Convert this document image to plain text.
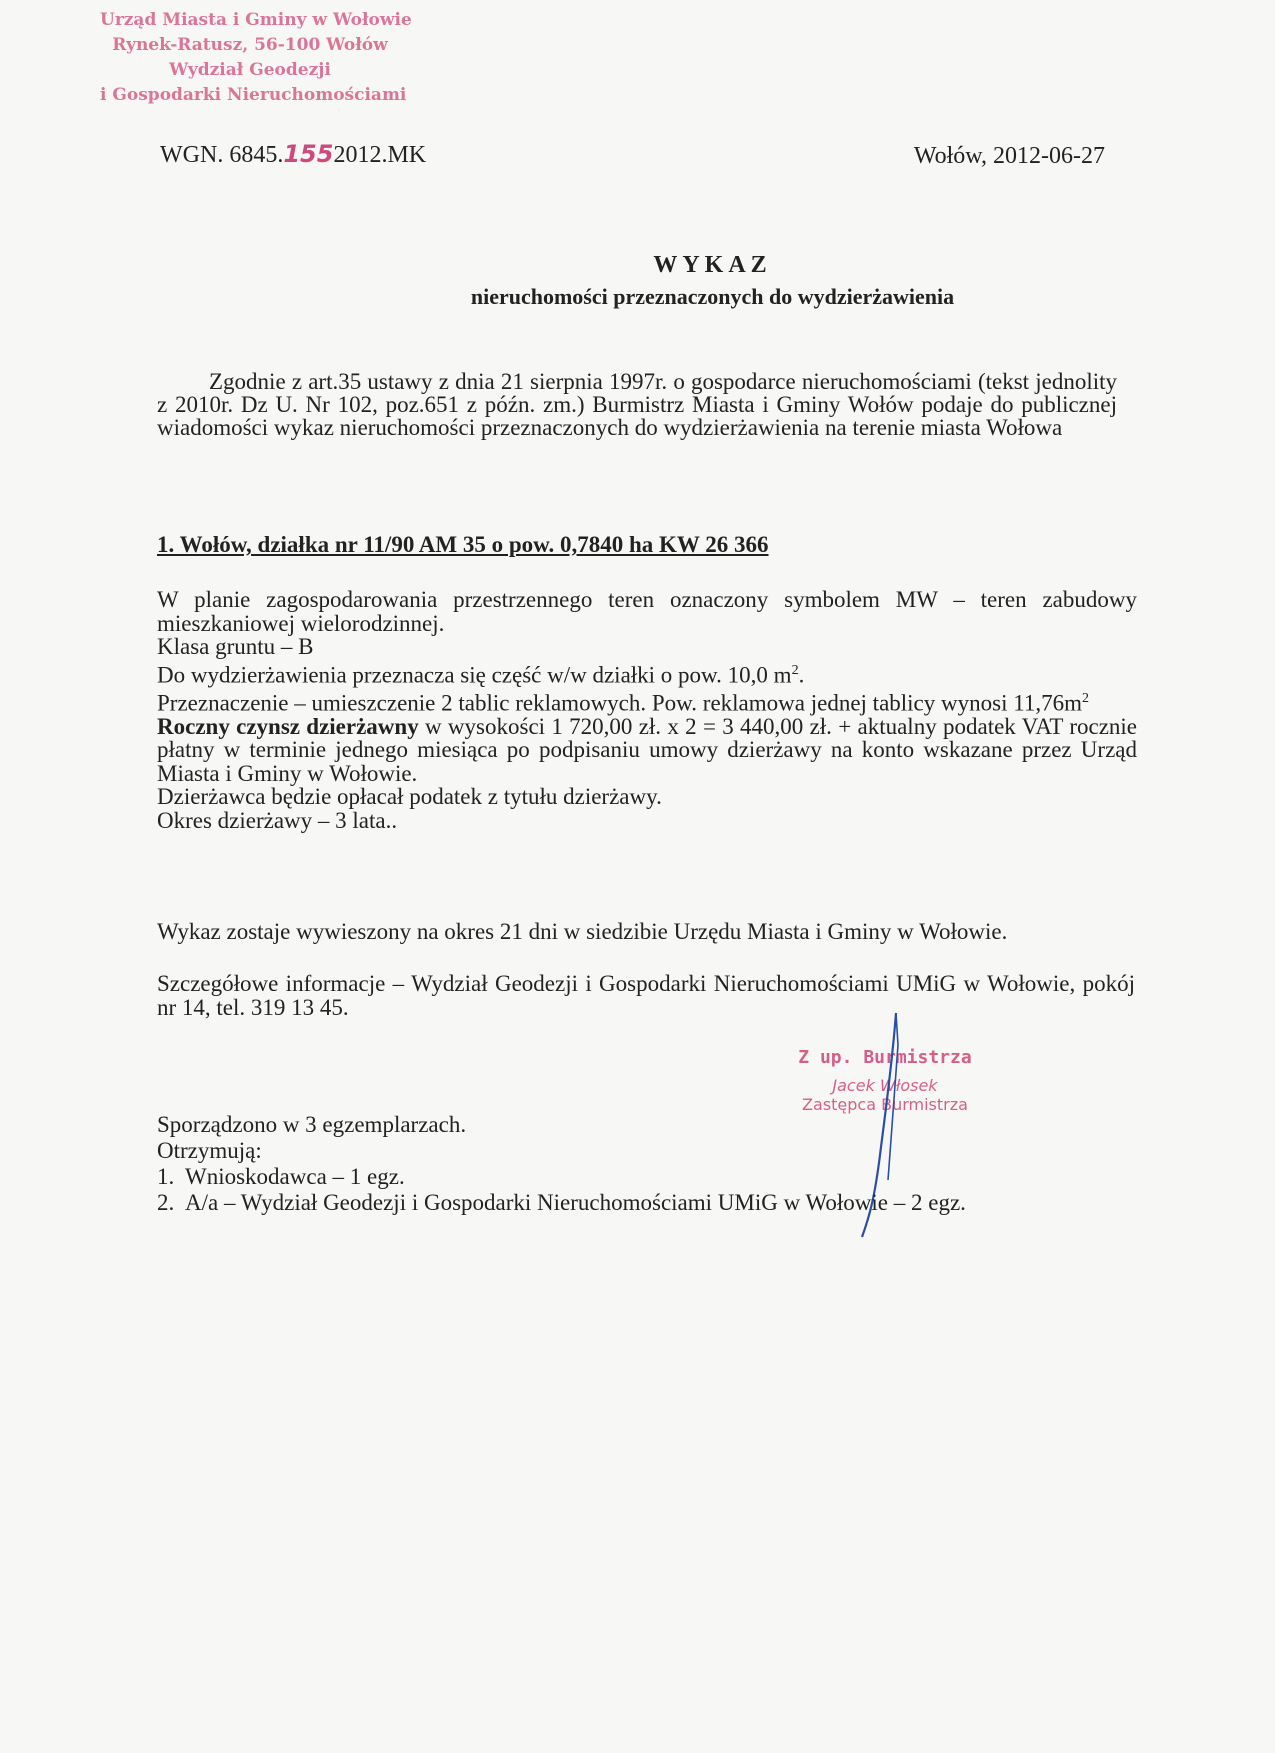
Urząd Miasta i Gminy w Wołowie
Rynek-Ratusz, 56-100 Wołów
Wydział Geodezji
i Gospodarki Nieruchomościami
WGN. 6845.1552012.MK	Wołów, 2012-06-27
WYKAZ
nieruchomości przeznaczonych do wydzierżawienia
Zgodnie z art.35 ustawy z dnia 21 sierpnia 1997r. o gospodarce nieruchomościami (tekst jednolity z 2010r. Dz U. Nr 102, poz.651 z późn. zm.) Burmistrz Miasta i Gminy Wołów podaje do publicznej wiadomości wykaz nieruchomości przeznaczonych do wydzierżawienia na terenie miasta Wołowa
1. Wołów, działka nr 11/90 AM 35 o pow. 0,7840 ha KW 26 366

W planie zagospodarowania przestrzennego teren oznaczony symbolem MW – teren zabudowy mieszkaniowej wielorodzinnej.

Klasa gruntu – B

Do wydzierżawienia przeznacza się część w/w działki o pow. 10,0 $m^2$.

Przeznaczenie – umieszczenie 2 tablic reklamowych. Pow. reklamowa jednej tablicy wynosi $11,76m^2$

Roczny czynsz dzierżawny w wysokości 1 720,00 zł. x 2 = 3 440,00 zł. + aktualny podatek VAT rocznie płatny w terminie jednego miesiąca po podpisaniu umowy dzierżawy na konto wskazane przez Urząd Miasta i Gminy w Wołowie.

Dzierżawca będzie opłacał podatek z tytułu dzierżawy.

Okres dzierżawy – 3 lata..

Wykaz zostaje wywieszony na okres 21 dni w siedzibie Urzędu Miasta i Gminy w Wołowie.
Szczegółowe informacje – Wydział Geodezji i Gospodarki Nieruchomościami UMiG w Wołowie, pokój nr 14, tel. 319 13 45.
Z up. Burmistrza
Jacek Włosek
Zastępca Burmistrza
Sporządzono w 3 egzemplarzach.
Otrzymują:
1. Wnioskodawca – 1 egz.
2. A/a – Wydział Geodezji i Gospodarki Nieruchomościami UMiG w Wołowie – 2 egz.
